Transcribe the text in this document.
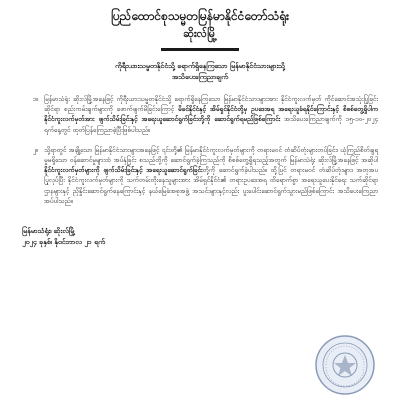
ပြည်ထောင်စုသမ္မတမြန်မာနိုင်ငံတော်သံရုံး
ဆိုးလ်မြို့
ကိုရီးယားသမ္မတနိုင်ငံသို့ ရောက်ရှိနေကြသော မြန်မာနိုင်ငံသားများသို့
အသိပေးကြေညာချက်
၁။ မြန်မာသံရုံး ဆိုးလ်မြို့အနေဖြင့် ကိုရီးယားသမ္မတနိုင်ငံသို့ ရောက်ရှိနေကြသော မြန်မာနိုင်ငံသားများအား နိုင်ငံကူးလက်မှတ် ကိုင်ဆောင်အသုံးပြုခြင်းဆိုင်ရာ စည်းကမ်းချက်များကို ဖောက်ဖျက်မိခြင်းကြောင့် မိခင်နိုင်ငံနှင့် အိမ်ရှင်နိုင်ငံတို့မှ ဥပဒေအရ အရေးယူခံရနိုင်ကြောင်းနှင့် စိစစ်တွေ့ရှိပါက နိုင်ငံကူးလက်မှတ်အား ဖျက်သိမ်းခြင်းနှင့် အရေးယူဆောင်ရွက်ခြင်းတို့ကို ဆောင်ရွက်ရမည်ဖြစ်ကြောင်း အသိပေးကြေညာချက်ကို ၁၅-၁၀-၂၀၂၄ ရက်နေ့တွင် ထုတ်ပြန်ကြေညာခဲ့ပြီးဖြစ်ပါသည်။
၂။ သို့ရာတွင် အချို့သော မြန်မာနိုင်ငံသားများအနေဖြင့် ၎င်းတို့၏ မြန်မာနိုင်ငံကူးလက်မှတ်များကို တရားမဝင် တံဆိပ်တုံးများတပ်ခြင်း၊ ယုံကြည်စိတ်ချရမှုမရှိသော ဝန်ဆောင်မှုများထံ အပ်နှံခြင်း စသည်တို့ကို ဆောင်ရွက်ခဲ့ကြသည်ကို စိစစ်တွေ့ရှိရသည့်အတွက် မြန်မာသံရုံး ဆိုးလ်မြို့အနေဖြင့် အဆိုပါ နိုင်ငံကူးလက်မှတ်များကို ဖျက်သိမ်းခြင်းနှင့် အရေးယူဆောင်ရွက်ခြင်းတို့ကို ဆောင်ရွက်ခဲ့ပါသည်။ ထို့ပြင် တရားမဝင် တံဆိပ်တုံးများ၊ အတုအပ ပြုလုပ်ပြီး နိုင်ငံကူးလက်မှတ်များကို သက်တမ်းတိုးနေသူများအား အိမ်ရှင်နိုင်ငံ၏ တရားဥပဒေအရ ထိရောက်စွာ အရေးယူပေးနိုင်ရေး သက်ဆိုင်ရာ ဌာနများနှင့် ညှိနှိုင်းဆောင်ရွက်နေကြောင်းနှင့် နယ်မြေခံအစုအဖွဲ့ အသင်းများနှင့်လည်း ပူးပေါင်းဆောင်ရွက်သွားမည်ဖြစ်ကြောင်း အသိပေးကြေညာအပ်ပါသည်။
မြန်မာသံရုံး၊ ဆိုးလ်မြို့
၂၀၂၄ ခုနှစ်၊ နိုဝင်ဘာလ ၂၁ ရက်
